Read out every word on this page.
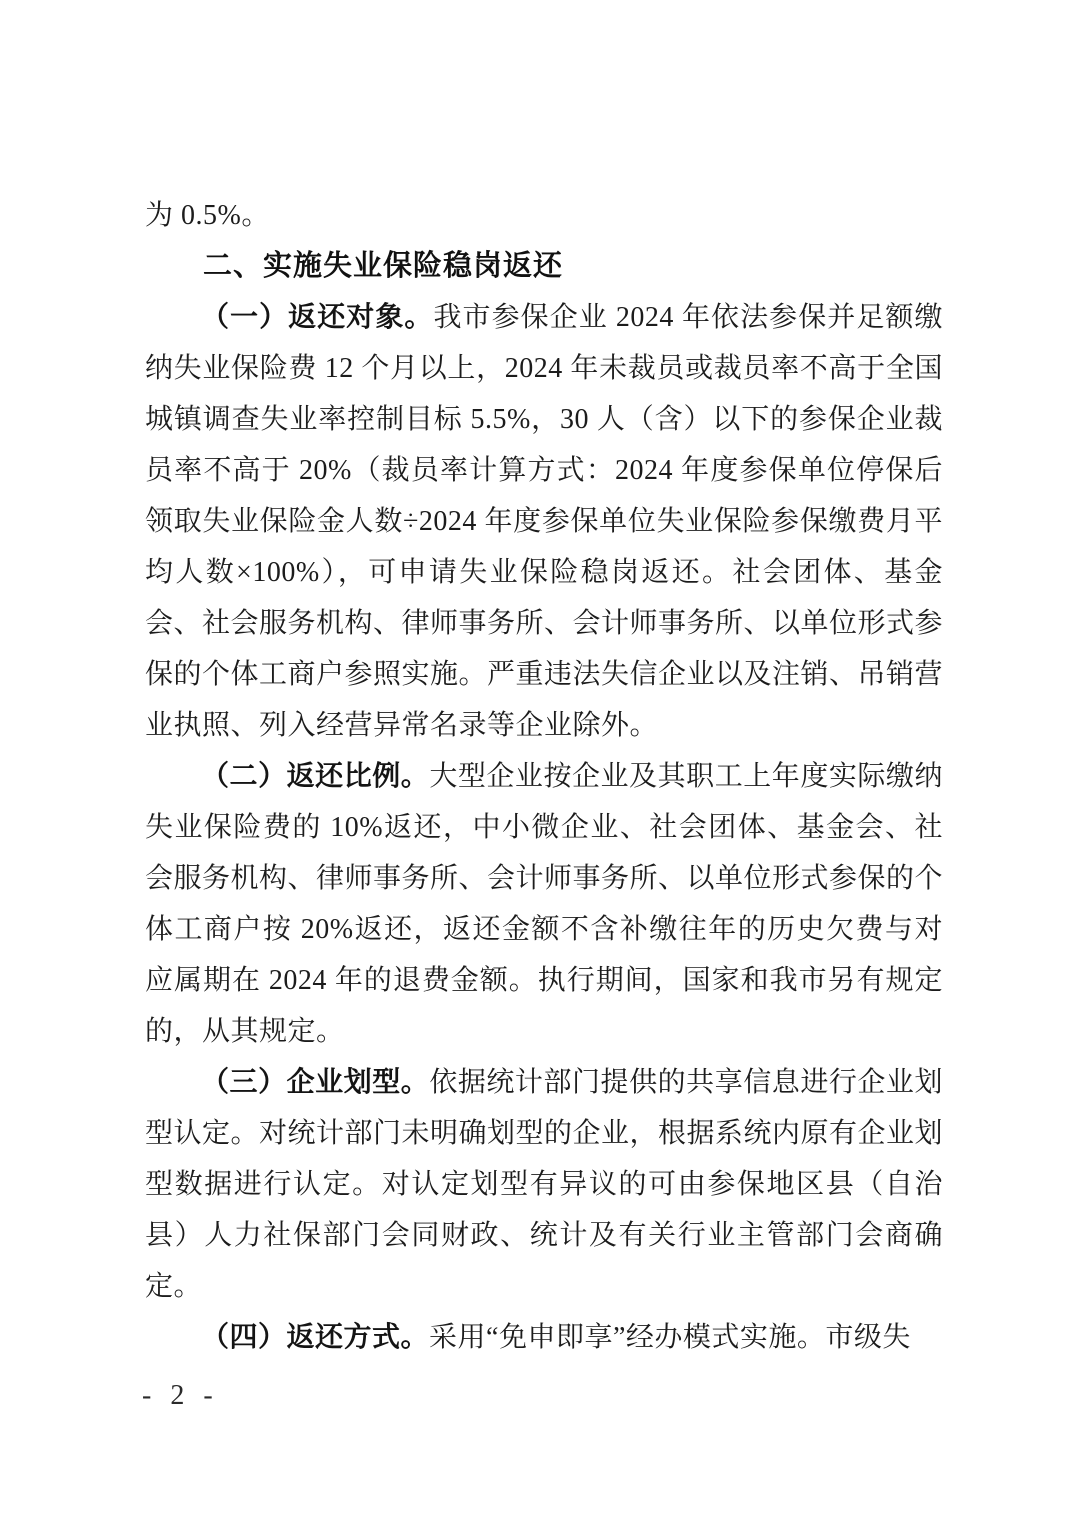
为 0.5%。

二、实施失业保险稳岗返还

（一）返还对象。我市参保企业 2024 年依法参保并足额缴纳失业保险费 12 个月以上，2024 年未裁员或裁员率不高于全国城镇调查失业率控制目标 5.5%，30 人（含）以下的参保企业裁员率不高于 20%（裁员率计算方式：2024 年度参保单位停保后领取失业保险金人数÷2024 年度参保单位失业保险参保缴费月平均人数×100%），可申请失业保险稳岗返还。社会团体、基金会、社会服务机构、律师事务所、会计师事务所、以单位形式参保的个体工商户参照实施。严重违法失信企业以及注销、吊销营业执照、列入经营异常名录等企业除外。

（二）返还比例。大型企业按企业及其职工上年度实际缴纳失业保险费的 10%返还，中小微企业、社会团体、基金会、社会服务机构、律师事务所、会计师事务所、以单位形式参保的个体工商户按 20%返还，返还金额不含补缴往年的历史欠费与对应属期在 2024 年的退费金额。执行期间，国家和我市另有规定的，从其规定。

（三）企业划型。依据统计部门提供的共享信息进行企业划型认定。对统计部门未明确划型的企业，根据系统内原有企业划型数据进行认定。对认定划型有异议的可由参保地区县（自治县）人力社保部门会同财政、统计及有关行业主管部门会商确定。

（四）返还方式。采用“免申即享”经办模式实施。市级失

- 2 -
